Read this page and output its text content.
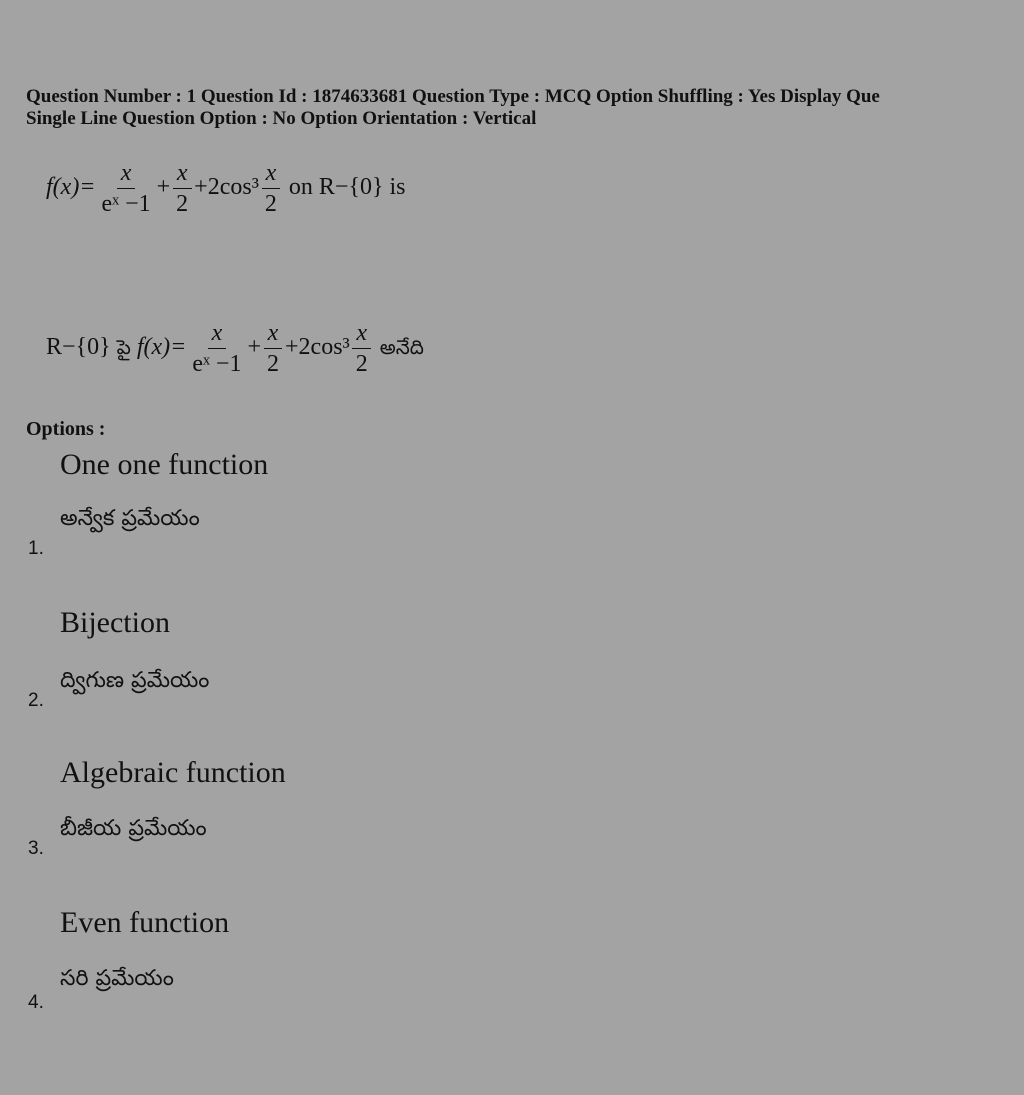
Question Number : 1 Question Id : 1874633681 Question Type : MCQ Option Shuffling : Yes Display Que
Single Line Question Option : No Option Orientation : Vertical
$f(x)= \frac{x}{\text{eˣ −1}} + \frac{x}{2} +2\cos^3 \frac{x}{2}$ on R−{0} is
R−{0} పై $f(x)= \frac{x}{\text{eˣ −1}} + \frac{x}{2} +2\cos^3 \frac{x}{2}$ అనేది
Options :
One one function
అన్వేక ప్రమేయం
1.
Bijection
ద్విగుణ ప్రమేయం
2.
Algebraic function
బీజీయ ప్రమేయం
3.
Even function
సరి ప్రమేయం
4.
